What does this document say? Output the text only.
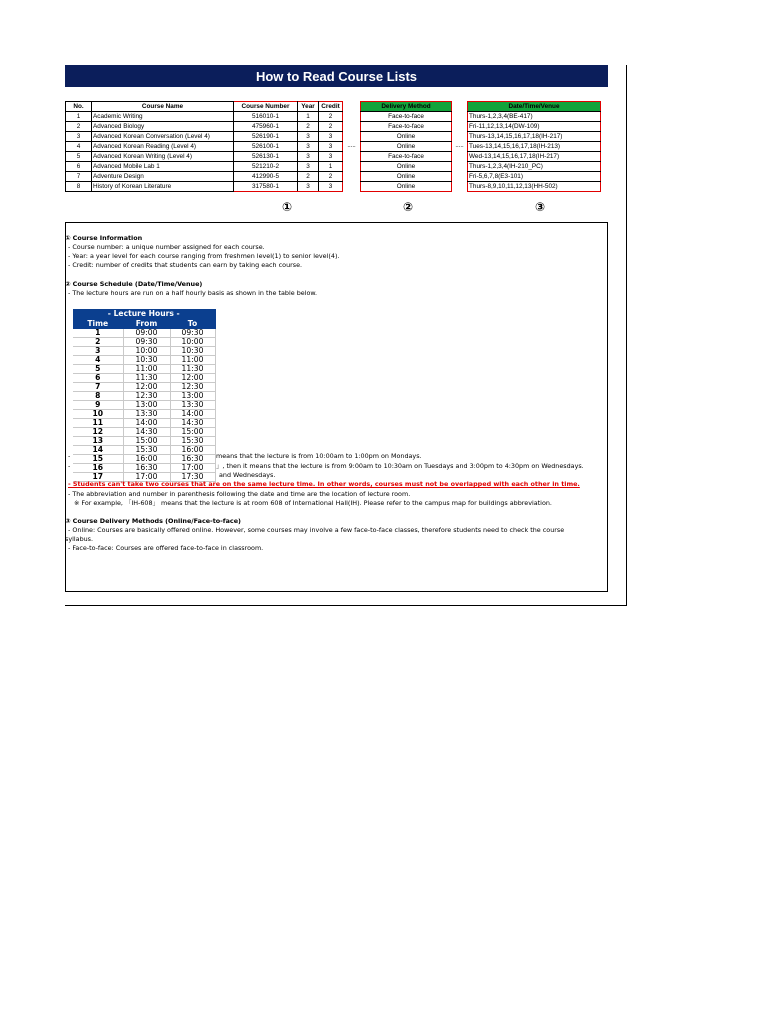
How to Read Course Lists
No.	Course Name	Course Number	Year	Credit		Delivery Method		Date/Time/Venue
1	Academic Writing	516010-1	1	2		Face-to-face		Thurs-1,2,3,4(BE-417)
2	Advanced Biology	475960-1	2	2		Face-to-face		Fri-11,12,13,14(DW-109)
3	Advanced Korean Conversation (Level 4)	526190-1	3	3		Online		Thurs-13,14,15,16,17,18(IH-217)
4	Advanced Korean Reading (Level 4)	526100-1	3	3	.....	Online	.....	Tues-13,14,15,16,17,18(IH-213)
5	Advanced Korean Writing (Level 4)	526130-1	3	3		Face-to-face		Wed-13,14,15,16,17,18(IH-217)
6	Advanced Mobile Lab 1	521210-2	3	1		Online		Thurs-1,2,3,4(IH-210_PC)
7	Adventure Design	412990-5	2	2		Online		Fri-5,6,7,8(E3-101)
8	History of Korean Literature	317580-1	3	3		Online		Thurs-8,9,10,11,12,13(HH-502)
①	②	③
① Course Information
- Course number: a unique number assigned for each course.
- Year: a year level for each course ranging from freshmen level(1) to senior level(4).
- Credit: number of credits that students can earn by taking each course.
② Course Schedule (Date/Time/Venue)
- The lecture hours are run on a half hourly basis as shown in the table below.
- Lecture Hours -		
Time	From	To
1	09:00	09:30
2	09:30	10:00
3	10:00	10:30
4	10:30	11:00
5	11:00	11:30
6	11:30	12:00
7	12:00	12:30
8	12:30	13:00
9	13:00	13:30
10	13:30	14:00
11	14:00	14:30
12	14:30	15:00
13	15:00	15:30
14	15:30	16:00
15	16:00	16:30
16	16:30	17:00
17	17:00	17:30
-	means that the lecture is from 10:00am to 1:00pm on Mondays.
-	」, then it means that the lecture is from 9:00am to 10:30am on Tuesdays and 3:00pm to 4:30pm on Wednesdays.
and Wednesdays.
- Students can't take two courses that are on the same lecture time. In other words, courses must not be overlapped with each other in time.
- The abbreviation and number in parenthesis following the date and time are the location of lecture room.
※ For example, 「IH-608」 means that the lecture is at room 608 of International Hall(IH). Please refer to the campus map for buildings abbreviation.
③ Course Delivery Methods (Online/Face-to-face)
- Online: Courses are basically offered online. However, some courses may involve a few face-to-face classes, therefore students need to check the course
syllabus.
- Face-to-face: Courses are offered face-to-face in classroom.
